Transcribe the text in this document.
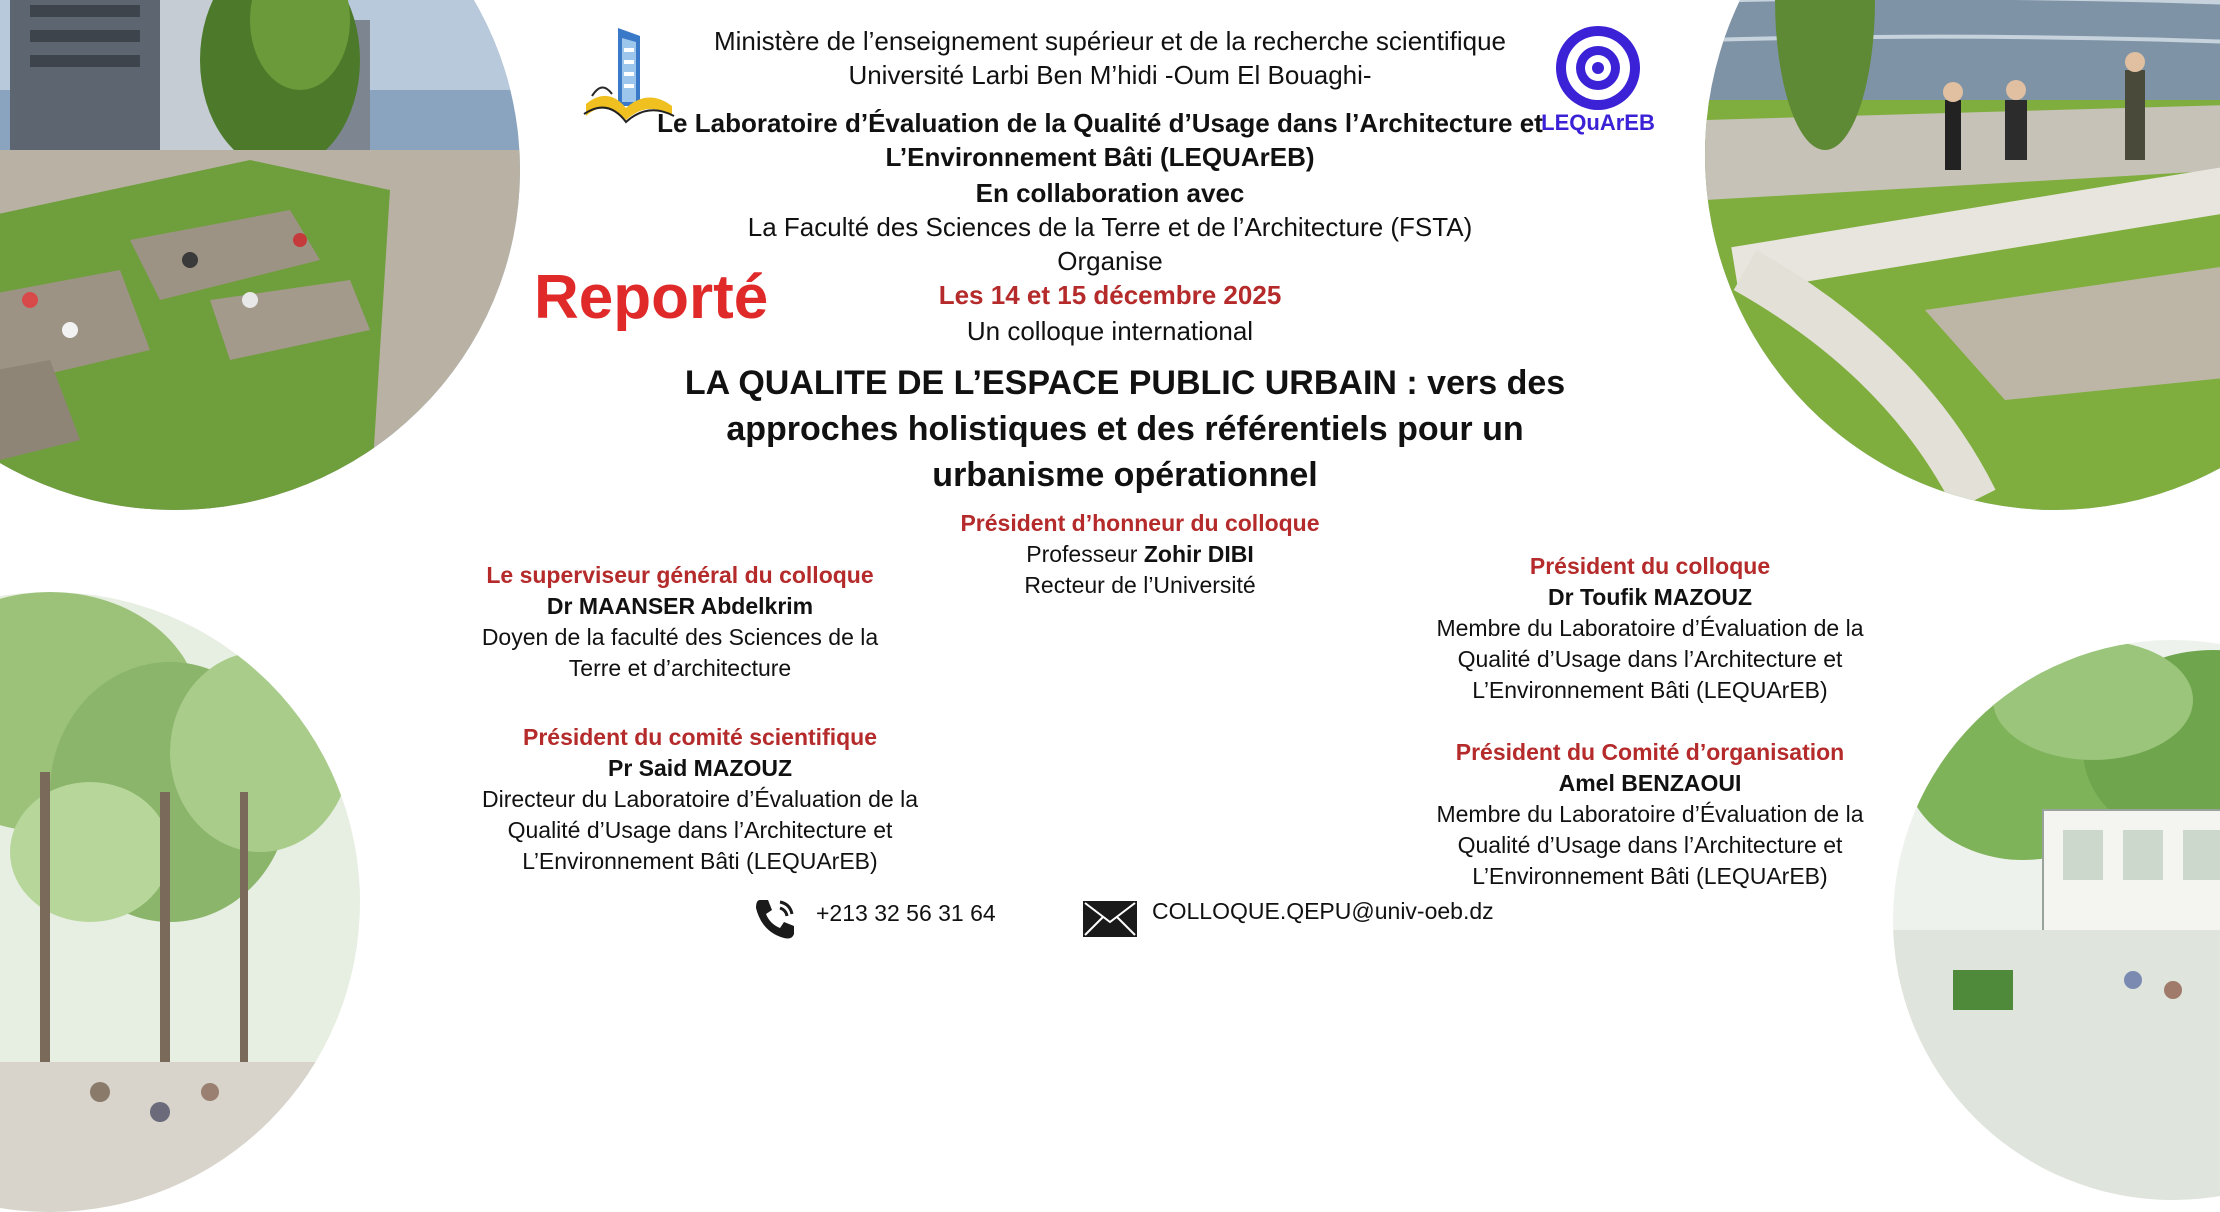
LEQuArEB
Ministère de l’enseignement supérieur et de la recherche scientifique
Université Larbi Ben M’hidi -Oum El Bouaghi-
Le Laboratoire d’Évaluation de la Qualité d’Usage dans l’Architecture et L’Environnement Bâti (LEQUArEB)
En collaboration avec
La Faculté des Sciences de la Terre et de l’Architecture (FSTA)
Organise
Les 14 et 15 décembre 2025
Un colloque international
Reporté
LA QUALITE DE L’ESPACE PUBLIC URBAIN : vers des approches holistiques et des référentiels pour un urbanisme opérationnel
Président d’honneur du colloque
Professeur Zohir DIBI
Recteur de l’Université
Le superviseur général du colloque
Dr MAANSER Abdelkrim
Doyen de la faculté des Sciences de la
Terre et d’architecture
Président du comité scientifique
Pr Said MAZOUZ
Directeur du Laboratoire d’Évaluation de la
Qualité d’Usage dans l’Architecture et
L’Environnement Bâti (LEQUArEB)
Président du colloque
Dr Toufik MAZOUZ
Membre du Laboratoire d’Évaluation de la
Qualité d’Usage dans l’Architecture et
L’Environnement Bâti (LEQUArEB)
Président du Comité d’organisation
Amel BENZAOUI
Membre du Laboratoire d’Évaluation de la
Qualité d’Usage dans l’Architecture et
L’Environnement Bâti (LEQUArEB)
+213 32 56 31 64	COLLOQUE.QEPU@univ-oeb.dz
